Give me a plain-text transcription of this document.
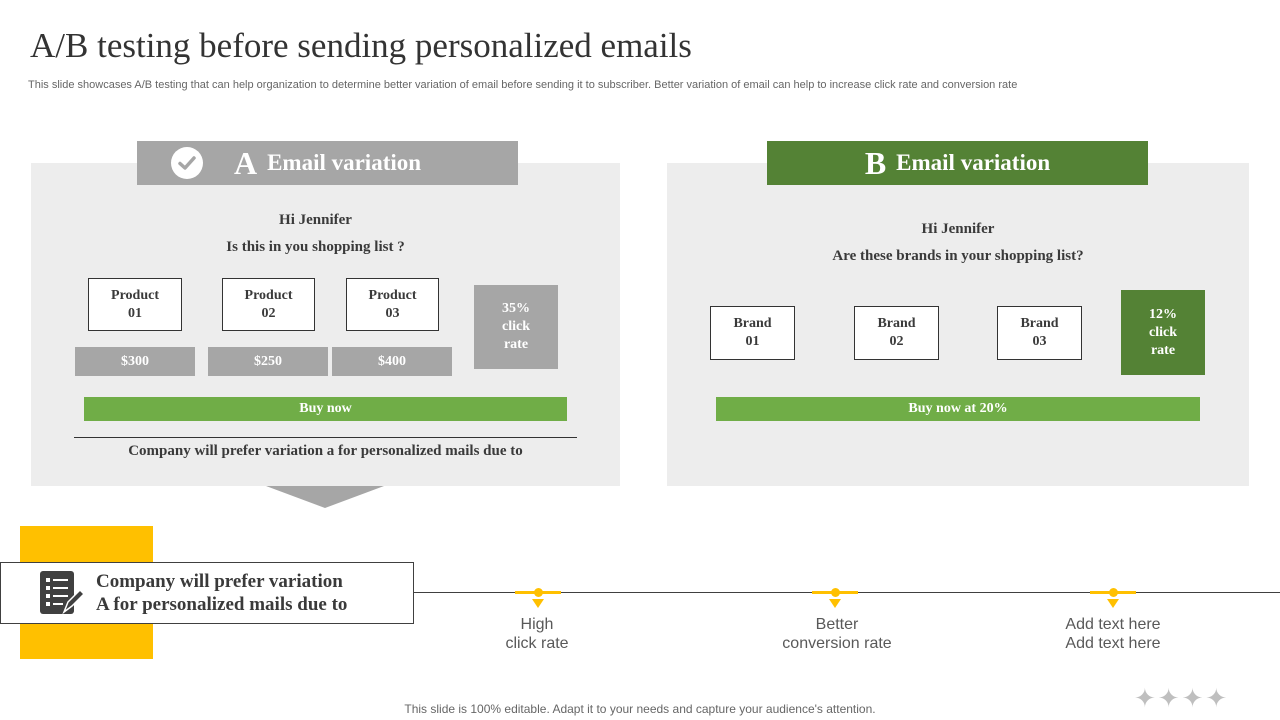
A/B testing before sending personalized emails
This slide showcases A/B testing that can help organization to determine better variation of email before sending it to subscriber. Better variation of email can help to increase click rate and conversion rate
A Email variation
Hi Jennifer
Is this in you shopping list ?
Product
01
Product
02
Product
03
$300	$250	$400
35%
click
rate
Buy now
Company will prefer variation a for personalized mails due to
B Email variation
Hi Jennifer
Are these brands in your shopping list?
Brand
01
Brand
02
Brand
03
12%
click
rate
Buy now at 20%
Company will prefer variation
A for personalized mails due to
High
click rate
Better
conversion rate
Add text here
Add text here
This slide is 100% editable. Adapt it to your needs and capture your audience's attention.	✦✦✦✦
